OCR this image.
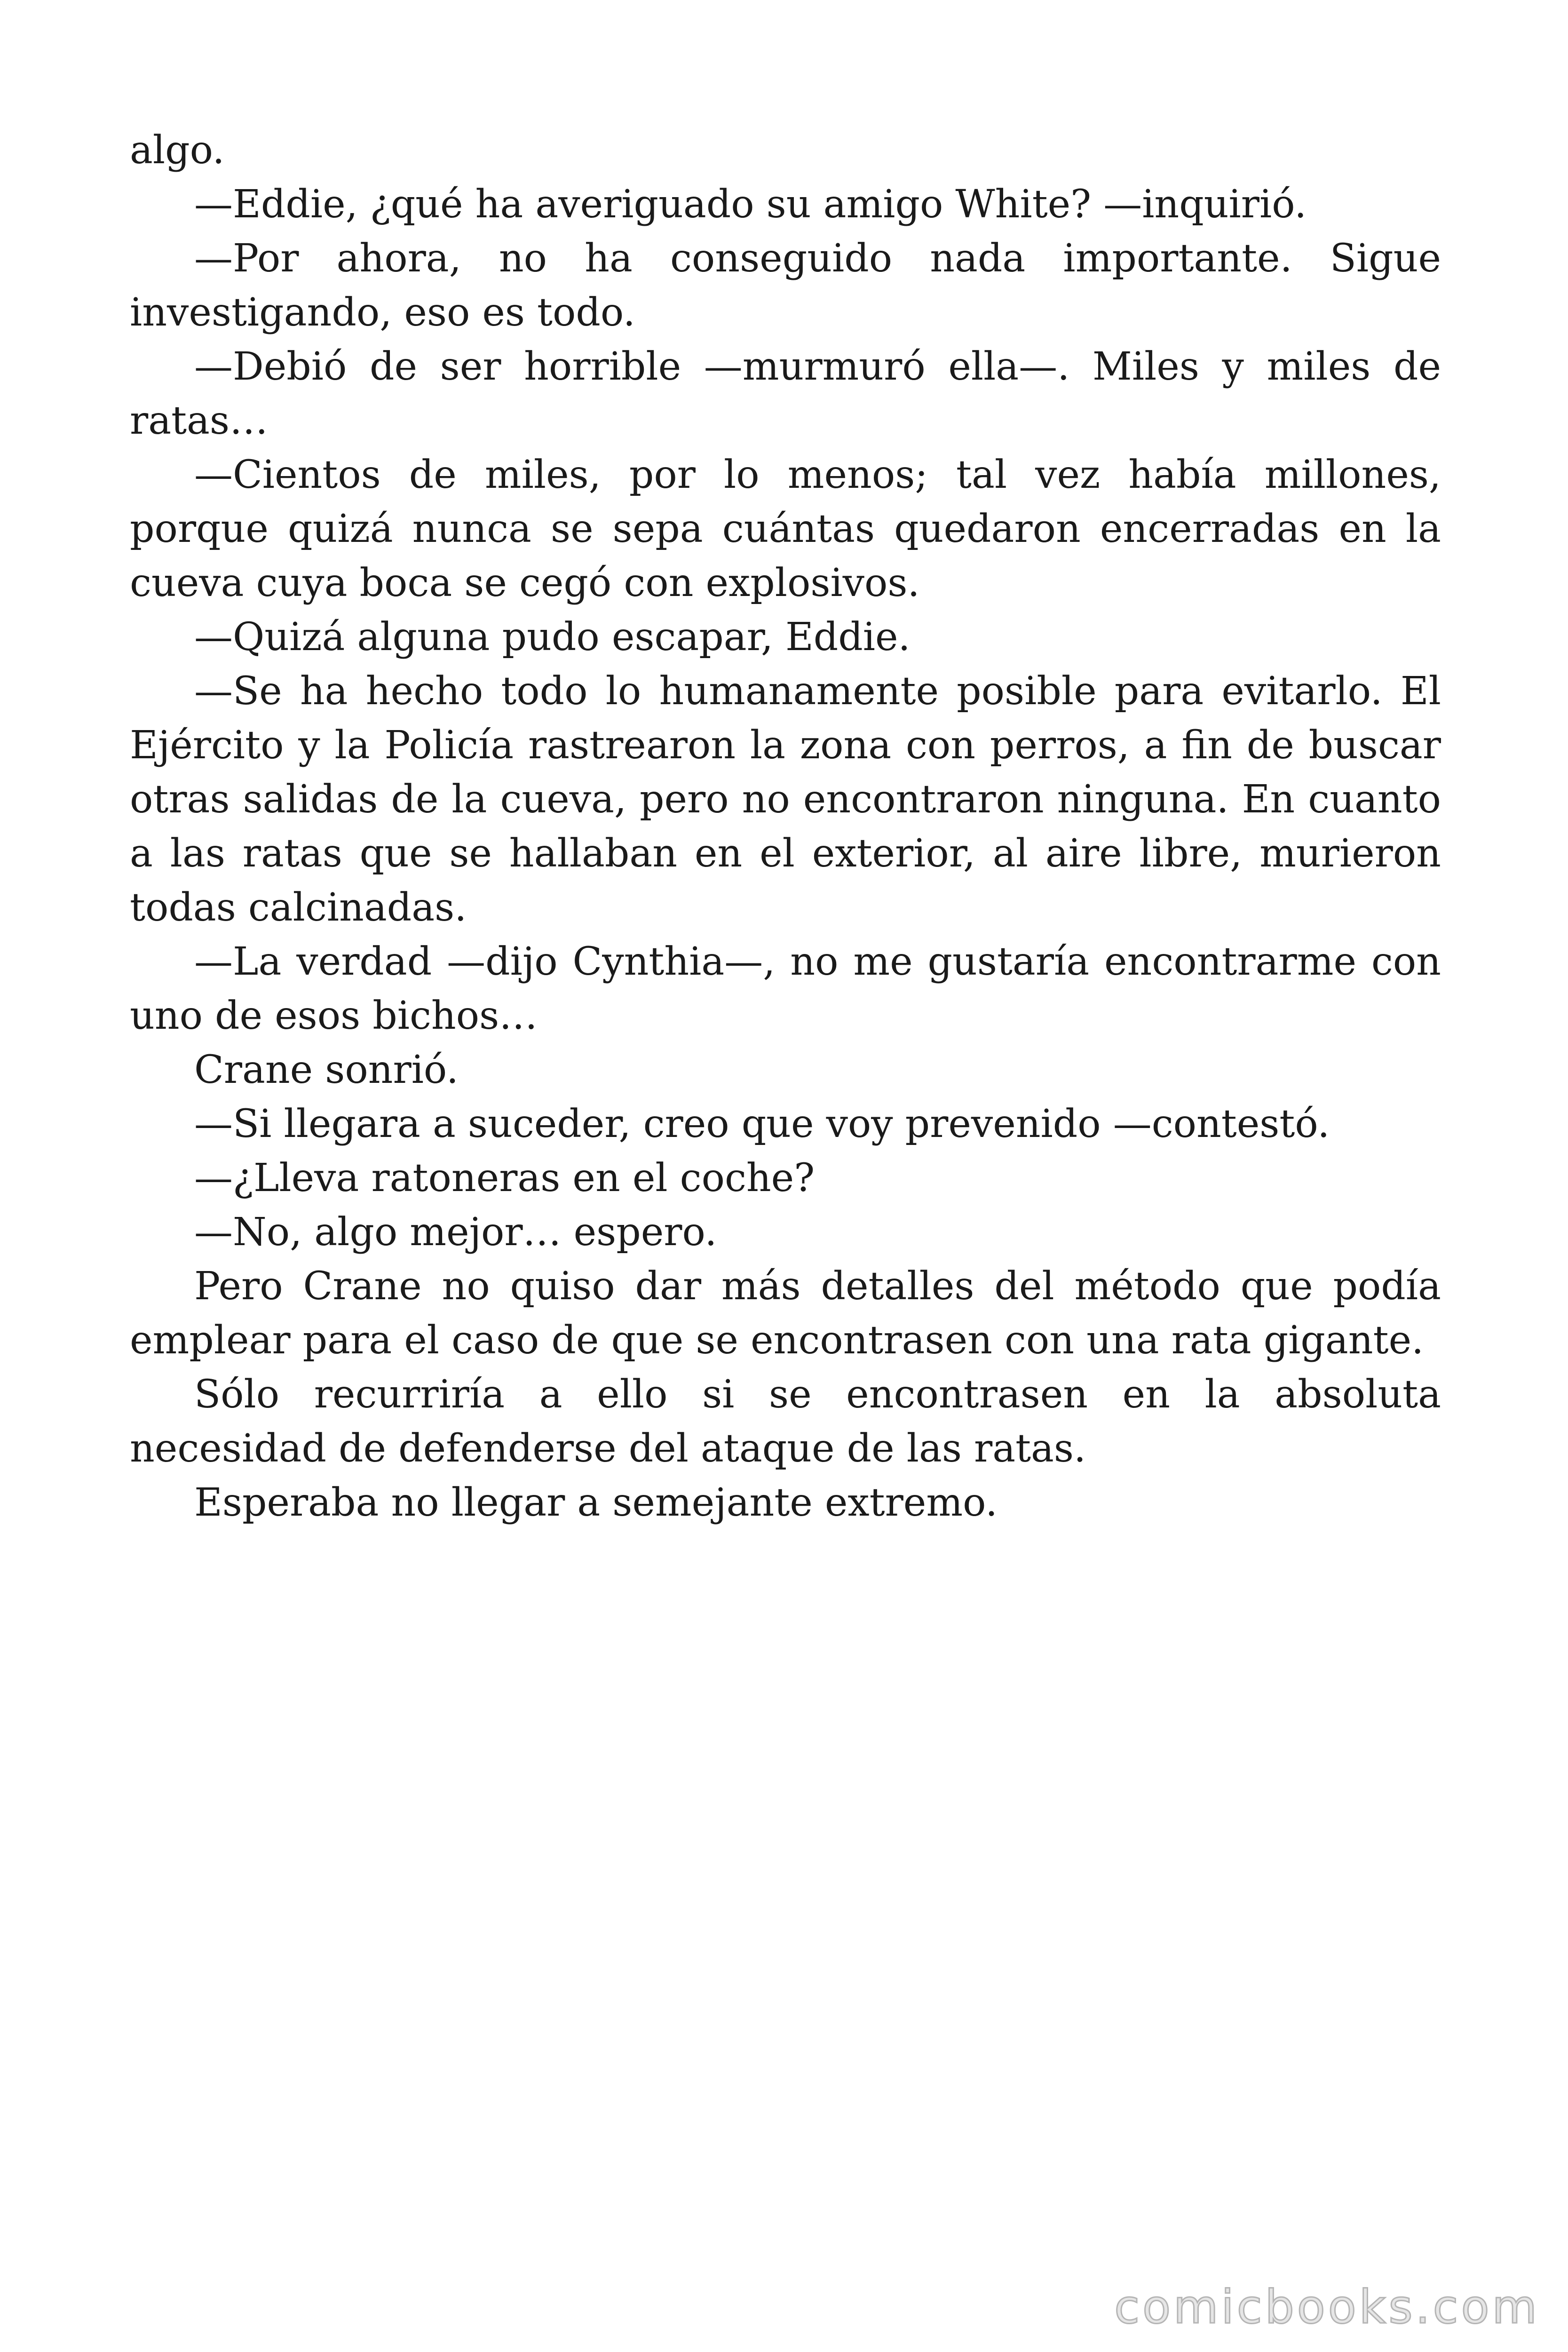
algo.

—Eddie, ¿qué ha averiguado su amigo White? —inquirió.

—Por ahora, no ha conseguido nada importante. Sigue investigando, eso es todo.

—Debió de ser horrible —murmuró ella—. Miles y miles de ratas…

—Cientos de miles, por lo menos; tal vez había millones, porque quizá nunca se sepa cuántas quedaron encerradas en la cueva cuya boca se cegó con explosivos.

—Quizá alguna pudo escapar, Eddie.

—Se ha hecho todo lo humanamente posible para evitarlo. El Ejército y la Policía rastrearon la zona con perros, a fin de buscar otras salidas de la cueva, pero no encontraron ninguna. En cuanto a las ratas que se hallaban en el exterior, al aire libre, murieron todas calcinadas.

—La verdad —dijo Cynthia—, no me gustaría encontrarme con uno de esos bichos…

Crane sonrió.

—Si llegara a suceder, creo que voy prevenido —contestó.

—¿Lleva ratoneras en el coche?

—No, algo mejor… espero.

Pero Crane no quiso dar más detalles del método que podía emplear para el caso de que se encontrasen con una rata gigante.

Sólo recurriría a ello si se encontrasen en la absoluta necesidad de defenderse del ataque de las ratas.

Esperaba no llegar a semejante extremo.

comicbooks.com
